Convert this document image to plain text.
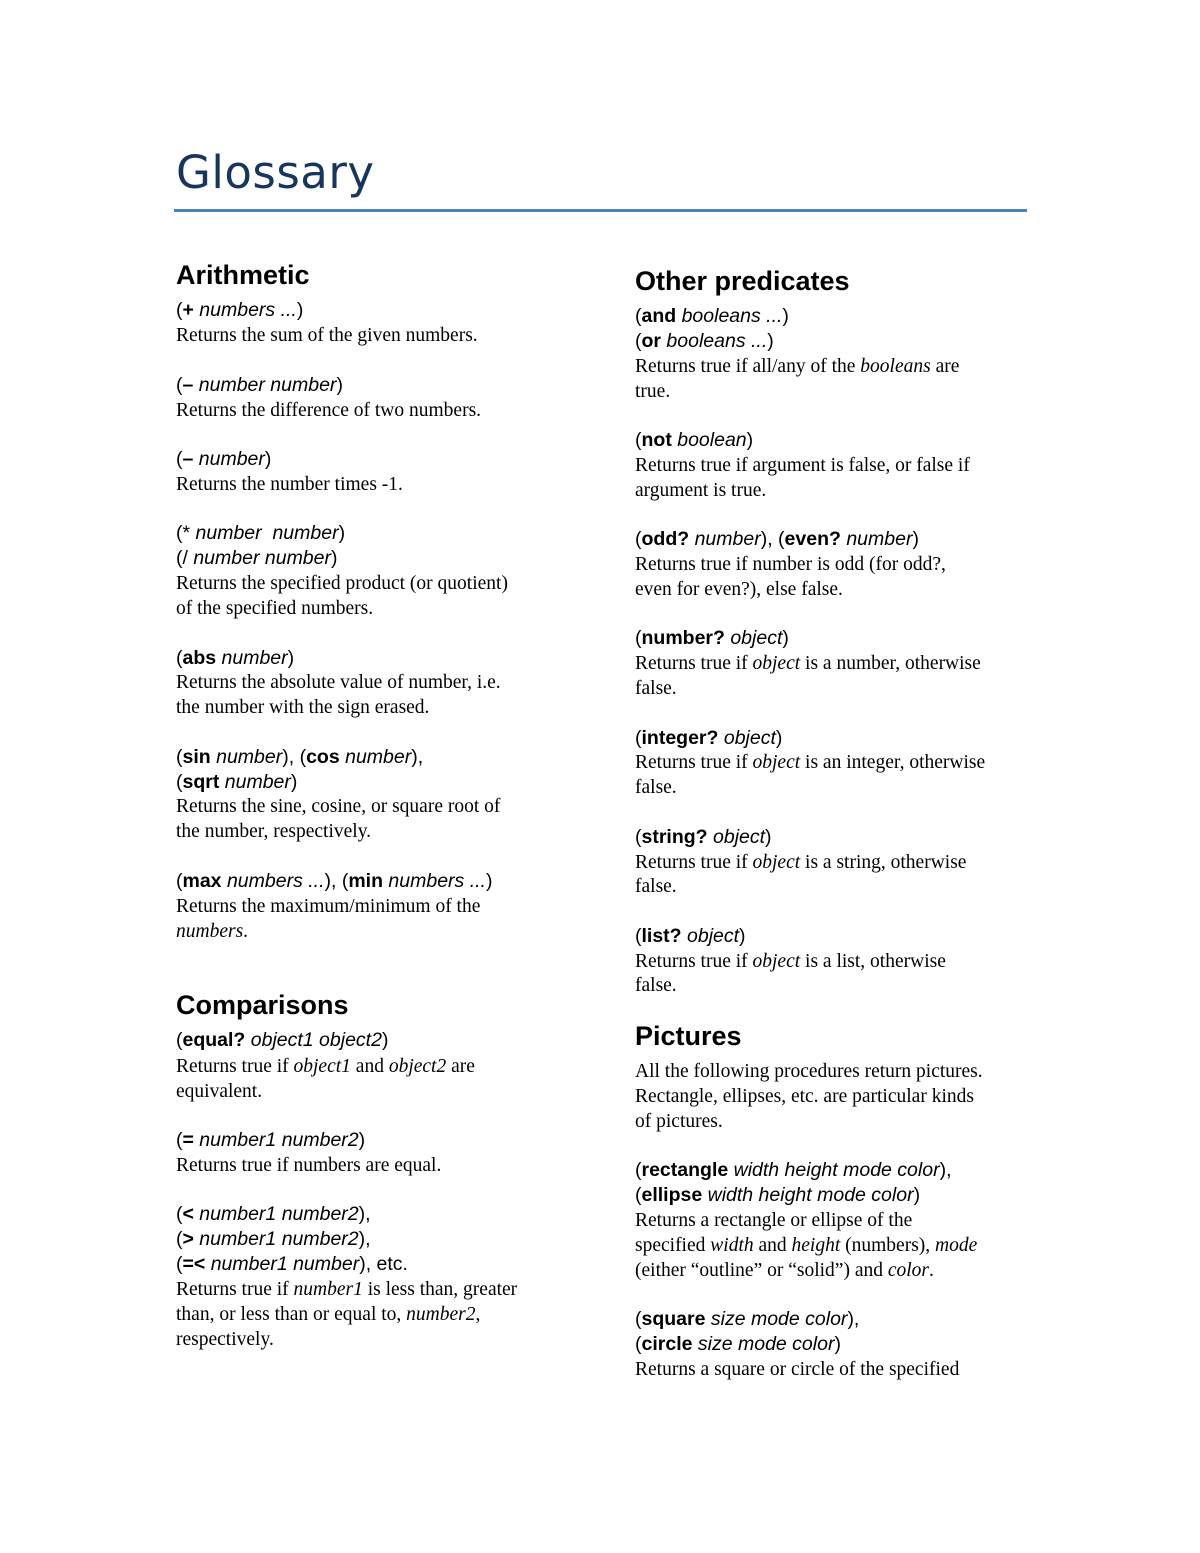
Glossary
Arithmetic

(+ numbers ...)

Returns the sum of the given numbers.

(– number number)

Returns the difference of two numbers.

(– number)

Returns the number times -1.

(* number  number)

(/ number number)

Returns the specified product (or quotient)

of the specified numbers.

(abs number)

Returns the absolute value of number, i.e.

the number with the sign erased.

(sin number), (cos number),

(sqrt number)

Returns the sine, cosine, or square root of

the number, respectively.

(max numbers ...), (min numbers ...)

Returns the maximum/minimum of the

numbers.

Comparisons

(equal? object1 object2)

Returns true if object1 and object2 are

equivalent.

(= number1 number2)

Returns true if numbers are equal.

(< number1 number2),

(> number1 number2),

(=< number1 number), etc.

Returns true if number1 is less than, greater

than, or less than or equal to, number2,

respectively.

Other predicates

(and booleans ...)

(or booleans ...)

Returns true if all/any of the booleans are

true.

(not boolean)

Returns true if argument is false, or false if

argument is true.

(odd? number), (even? number)

Returns true if number is odd (for odd?,

even for even?), else false.

(number? object)

Returns true if object is a number, otherwise

false.

(integer? object)

Returns true if object is an integer, otherwise

false.

(string? object)

Returns true if object is a string, otherwise

false.

(list? object)

Returns true if object is a list, otherwise

false.

Pictures

All the following procedures return pictures.

Rectangle, ellipses, etc. are particular kinds

of pictures.

(rectangle width height mode color),

(ellipse width height mode color)

Returns a rectangle or ellipse of the

specified width and height (numbers), mode

(either “outline” or “solid”) and color.

(square size mode color),

(circle size mode color)

Returns a square or circle of the specified
